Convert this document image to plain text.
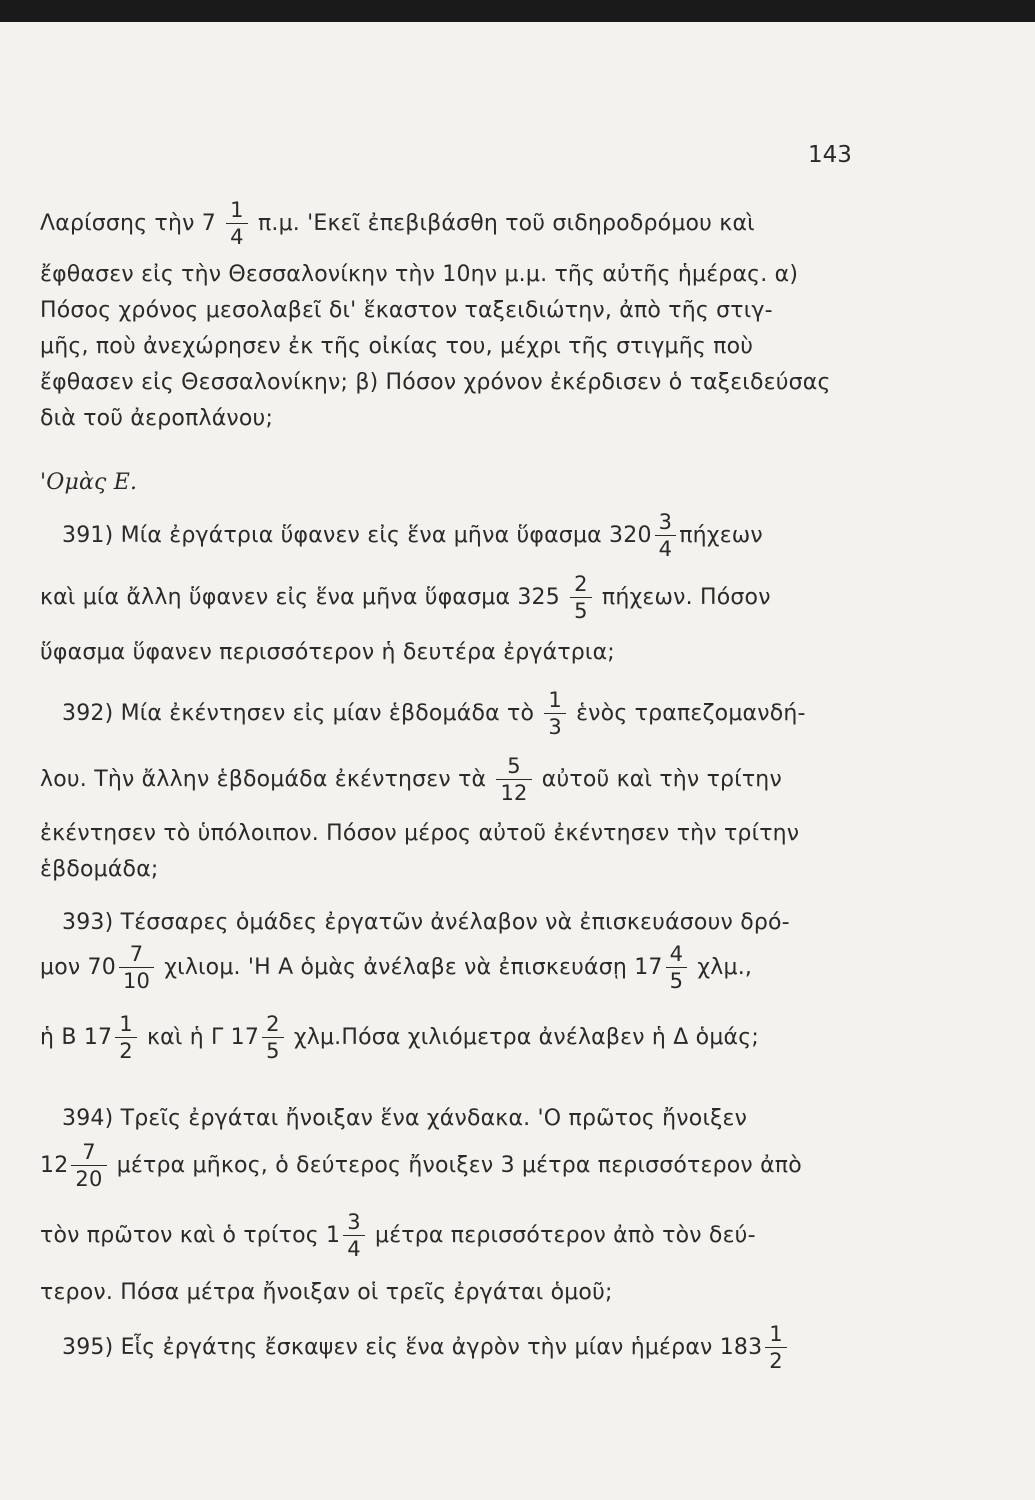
143
Λαρίσσης τὴν $7 \frac{1}{4} \pi.\mu$. 'Εκεῖ ἐπεβιβάσθη τοῦ σιδηροδρόμου καὶ
ἔφθασεν εἰς τὴν Θεσσαλονίκην τὴν 10ην μ.μ. τῆς αὐτῆς ἡμέρας. α)
Πόσος χρόνος μεσολαβεῖ δι' ἕκαστον ταξειδιώτην, ἀπὸ τῆς στιγ-
μῆς, ποὺ ἀνεχώρησεν ἐκ τῆς οἰκίας του, μέχρι τῆς στιγμῆς ποὺ
ἔφθασεν εἰς Θεσσαλονίκην; β) Πόσον χρόνον ἐκέρδισεν ὁ ταξειδεύσας
διὰ τοῦ ἀεροπλάνου;
'Ομὰς Ε.
391) Μία ἐργάτρια ὕφανεν εἰς ἕνα μῆνα ὕφασμα $320 \frac{3}{4}$ πήχεων
καὶ μία ἄλλη ὕφανεν εἰς ἕνα μῆνα ὕφασμα $325 \frac{2}{5} \pi ή\chi\varepsilon\omega\nu$. Πόσον
ὕφασμα ὕφανεν περισσότερον ἡ δευτέρα ἐργάτρια;
392) Μία ἐκέντησεν εἰς μίαν ἑβδομάδα τὸ $\frac{1}{3}$ ἑνὸς τραπεζομανδή-
λου. Τὴν ἄλλην ἑβδομάδα ἐκέντησεν τὰ $\frac{5}{12}$ αὐτοῦ καὶ τὴν τρίτην
ἐκέντησεν τὸ ὑπόλοιπον. Πόσον μέρος αὐτοῦ ἐκέντησεν τὴν τρίτην
ἑβδομάδα;
393) Τέσσαρες ὁμάδες ἐργατῶν ἀνέλαβον νὰ ἐπισκευάσουν δρό-
μον $70 \frac{7}{10} \chi\iota\lambda\iota o\mu$. 'Η Α ὁμὰς ἀνέλαβε νὰ ἐπισκευάσῃ $17 \frac{4}{5} \chi\lambda\mu$.,
ἡ Β $17 \frac{1}{2}$ καὶ ἡ Γ $17 \frac{2}{5} \chi\lambda\mu.\Pi ό\sigma\alpha$ χιλιόμετρα ἀνέλαβεν ἡ Δ ὁμάς;
394) Τρεῖς ἐργάται ἤνοιξαν ἕνα χάνδακα. 'Ο πρῶτος ἤνοιξεν
$12 \frac{7}{20}$ μέτρα μῆκος, ὁ δεύτερος ἤνοιξεν 3 μέτρα περισσότερον ἀπὸ
τὸν πρῶτον καὶ ὁ τρίτος $1 \frac{3}{4}$ μέτρα περισσότερον ἀπὸ τὸν δεύ-
τερον. Πόσα μέτρα ἤνοιξαν οἱ τρεῖς ἐργάται ὁμοῦ;
395) Εἷς ἐργάτης ἔσκαψεν εἰς ἕνα ἀγρὸν τὴν μίαν ἡμέραν $183 \frac{1}{2}$
